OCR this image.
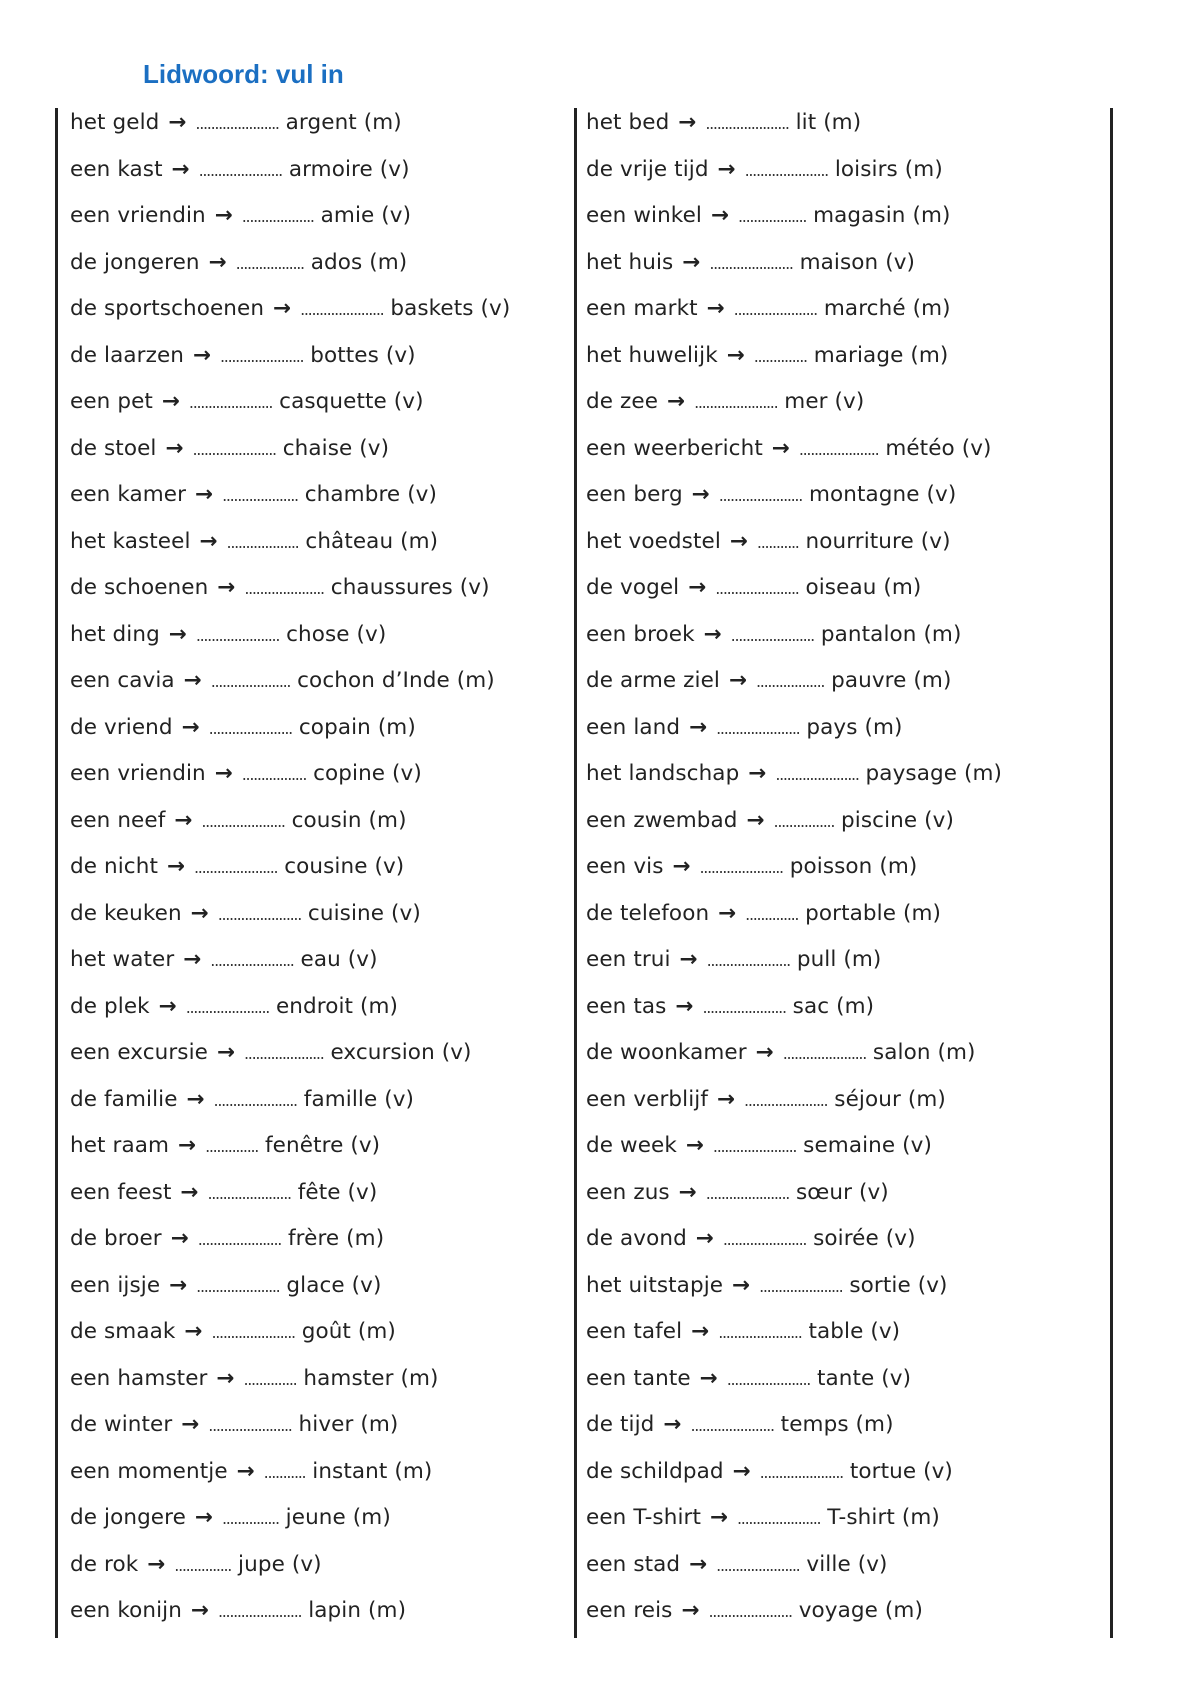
Lidwoord: vul in
het geld → ...................... argent (m)
een kast → ...................... armoire (v)
een vriendin → ................... amie (v)
de jongeren → .................. ados (m)
de sportschoenen → ...................... baskets (v)
de laarzen → ...................... bottes (v)
een pet → ...................... casquette (v)
de stoel → ...................... chaise (v)
een kamer → .................... chambre (v)
het kasteel → ................... château (m)
de schoenen → ..................... chaussures (v)
het ding → ...................... chose (v)
een cavia → ..................... cochon d’Inde (m)
de vriend → ...................... copain (m)
een vriendin → ................. copine (v)
een neef → ...................... cousin (m)
de nicht → ...................... cousine (v)
de keuken → ...................... cuisine (v)
het water → ...................... eau (v)
de plek → ...................... endroit (m)
een excursie → ..................... excursion (v)
de familie → ...................... famille (v)
het raam → .............. fenêtre (v)
een feest → ...................... fête (v)
de broer → ...................... frère (m)
een ijsje → ...................... glace (v)
de smaak → ...................... goût (m)
een hamster → .............. hamster (m)
de winter → ...................... hiver (m)
een momentje → ........... instant (m)
de jongere → ............... jeune (m)
de rok → ............... jupe (v)
een konijn → ...................... lapin (m)
het bed → ...................... lit (m)
de vrije tijd → ...................... loisirs (m)
een winkel → .................. magasin (m)
het huis → ...................... maison (v)
een markt → ...................... marché (m)
het huwelijk → .............. mariage (m)
de zee → ...................... mer (v)
een weerbericht → ..................... météo (v)
een berg → ...................... montagne (v)
het voedstel → ........... nourriture (v)
de vogel → ...................... oiseau (m)
een broek → ...................... pantalon (m)
de arme ziel → .................. pauvre (m)
een land → ...................... pays (m)
het landschap → ...................... paysage (m)
een zwembad → ................ piscine (v)
een vis → ...................... poisson (m)
de telefoon → .............. portable (m)
een trui → ...................... pull (m)
een tas → ...................... sac (m)
de woonkamer → ...................... salon (m)
een verblijf → ...................... séjour (m)
de week → ...................... semaine (v)
een zus → ...................... sœur (v)
de avond → ...................... soirée (v)
het uitstapje → ...................... sortie (v)
een tafel → ...................... table (v)
een tante → ...................... tante (v)
de tijd → ...................... temps (m)
de schildpad → ...................... tortue (v)
een T-shirt → ...................... T-shirt (m)
een stad → ...................... ville (v)
een reis → ...................... voyage (m)
